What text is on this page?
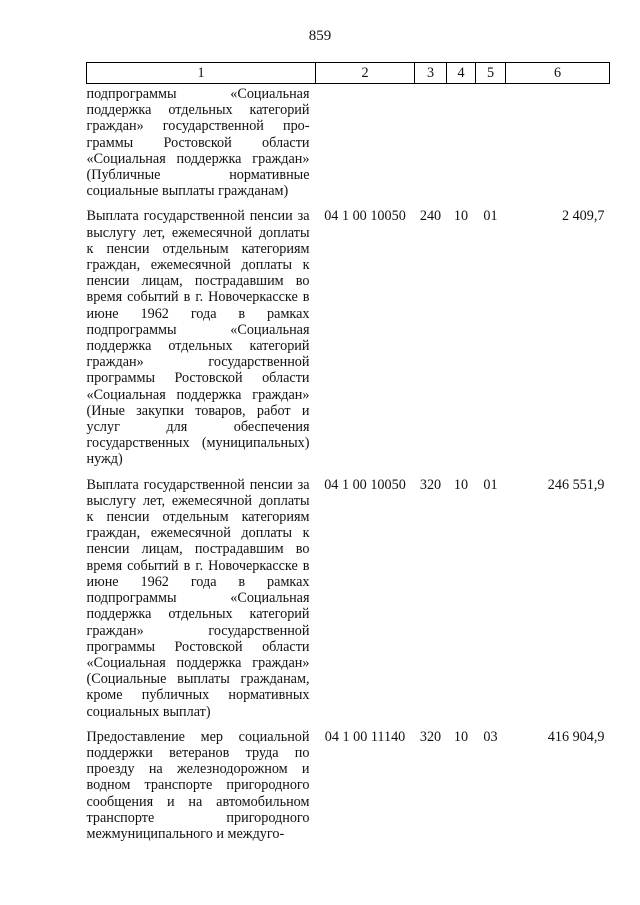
859
1	2	3	4	5	6
подпрограммы «Социальная поддержка отдельных категорий граждан» государственной программы Ростовской области «Социальная поддержка граждан» (Публичные нормативные социальные выплаты гражданам)					
Выплата государственной пенсии за выслугу лет, ежемесячной доплаты к пенсии отдельным категориям граждан, ежемесячной доплаты к пенсии лицам, пострадавшим во время событий в г. Новочеркасске в июне 1962 года в рамках подпрограммы «Социальная поддержка отдельных категорий граждан» государственной программы Ростовской области «Социальная поддержка граждан» (Иные закупки товаров, работ и услуг для обеспечения государственных (муниципальных) нужд)	04 1 00 10050	240	10	01	2 409,7
Выплата государственной пенсии за выслугу лет, ежемесячной доплаты к пенсии отдельным категориям граждан, ежемесячной доплаты к пенсии лицам, пострадавшим во время событий в г. Новочеркасске в июне 1962 года в рамках подпрограммы «Социальная поддержка отдельных категорий граждан» государственной программы Ростовской области «Социальная поддержка граждан» (Социальные выплаты гражданам, кроме публичных нормативных социальных выплат)	04 1 00 10050	320	10	01	246 551,9
Предоставление мер социальной поддержки ветеранов труда по проезду на железнодорожном и водном транспорте пригородного сообщения и на автомобильном транспорте пригородного межмуниципального и междуго-	04 1 00 11140	320	10	03	416 904,9
